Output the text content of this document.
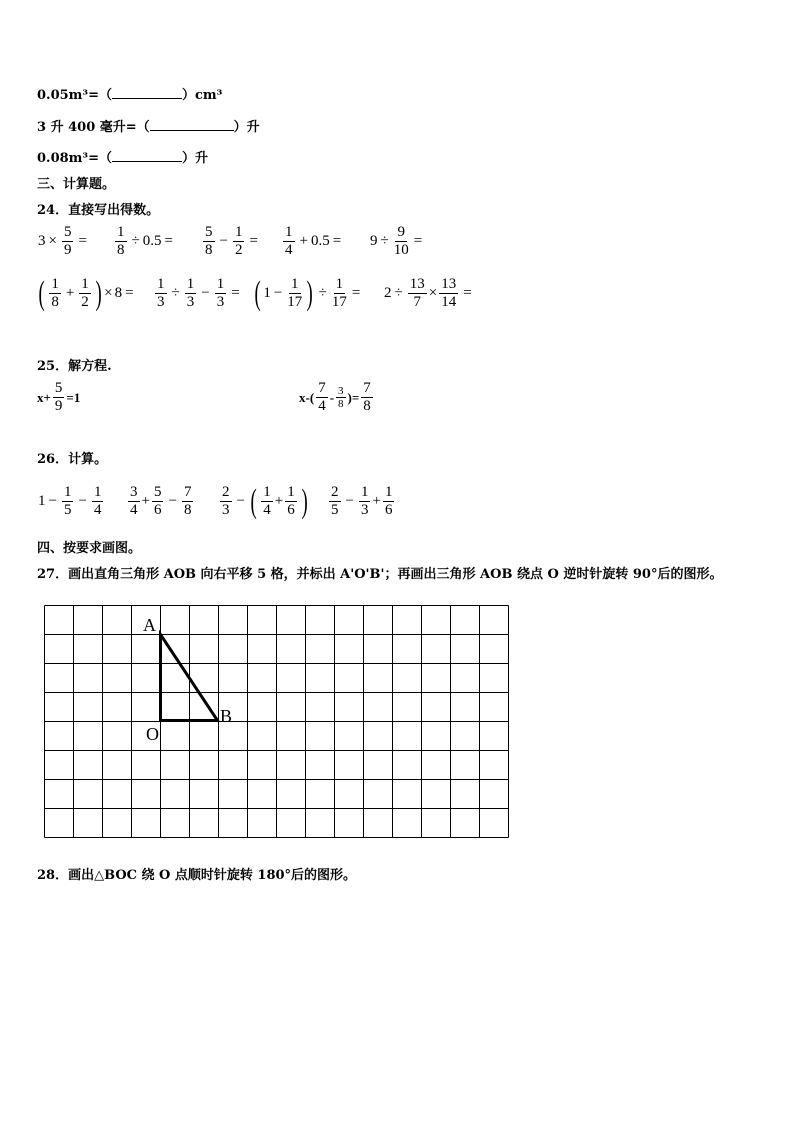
0.05m³=（	）cm³
3 升 400 毫升=（	）升
0.08m³=（	）升
三、计算题。
24．直接写出得数。
$3 \times \frac{5}{9} = \frac{1}{8} \div 0.5$ =
5
8
− $\frac{1}{2}$ =
1
4
+ $0.5 = 9 \div \frac{9}{10}$ =
( 1
8
+ $\frac{1}{2}$ ) × $8 = \frac{1}{3} \div \frac{1}{3} - \frac{1}{3}$ = ( $1 - \frac{1}{17}$ ) ÷ $\frac{1}{17} = 2 \div \frac{13}{7} \times \frac{13}{14}$ =
25．解方程.
$x + \frac{5}{9} = 1$	x - (
7
4
- 3
8 ) = $\frac{7}{8}$
26．计算。
$1 - \frac{1}{5} - \frac{1}{4} 3$
4
+ $\frac{5}{6} - \frac{7}{8} 2$
3
− ( 1
4
+ $\frac{1}{6}$ ) 2
5
− $\frac{1}{3} + \frac{1}{6}$
四、按要求画图。
27．画出直角三角形 AOB 向右平移 5 格，并标出 A'O'B'；再画出三角形 AOB 绕点 O 逆时针旋转 90°后的图形。
A
O
B
28．画出△BOC 绕 O 点顺时针旋转 180°后的图形。
